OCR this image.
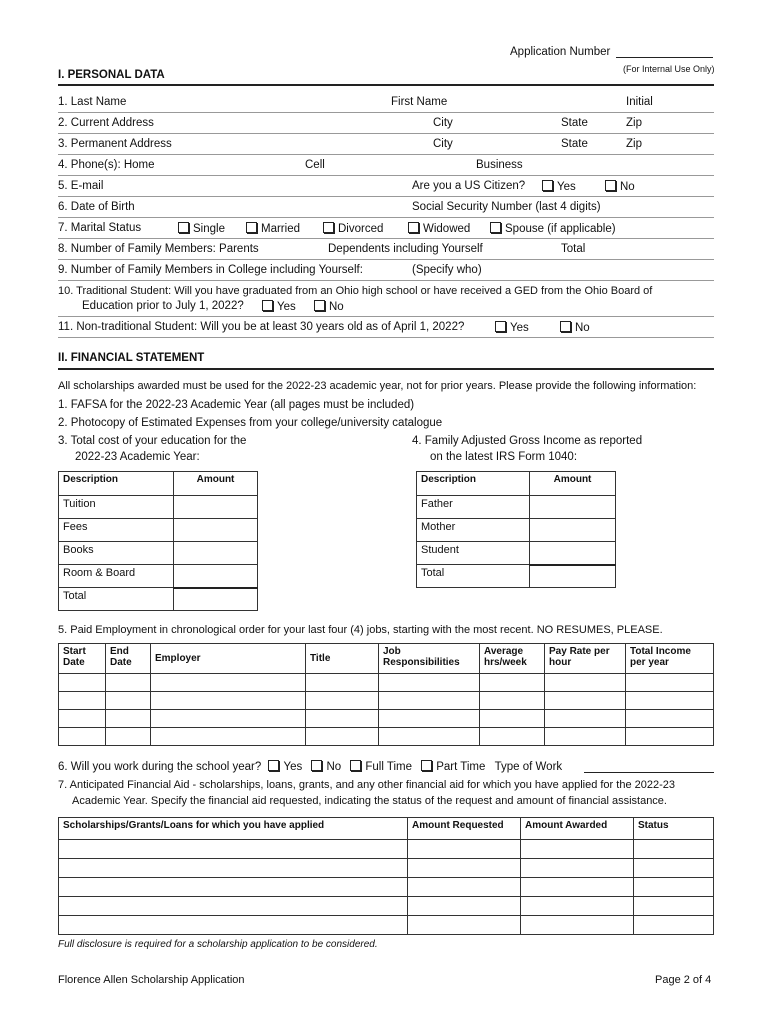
Application Number
(For Internal Use Only)
I. PERSONAL DATA
1. Last Name	First Name	Initial
2. Current Address	City	State	Zip
3. Permanent Address	City	State	Zip
4. Phone(s): Home	Cell	Business
5. E-mail	Are you a US Citizen?	Yes	No
6. Date of Birth	Social Security Number (last 4 digits)
7. Marital Status	Single	Married	Divorced	Widowed	Spouse (if applicable)
8. Number of Family Members: Parents	Dependents including Yourself	Total
9. Number of Family Members in College including Yourself:	(Specify who)
10. Traditional Student: Will you have graduated from an Ohio high school or have received a GED from the Ohio Board of
Education prior to July 1, 2022?	Yes	No
11. Non-traditional Student: Will you be at least 30 years old as of April 1, 2022?	Yes	No
II. FINANCIAL STATEMENT
All scholarships awarded must be used for the 2022-23 academic year, not for prior years. Please provide the following information:
1. FAFSA for the 2022-23 Academic Year (all pages must be included)
2. Photocopy of Estimated Expenses from your college/university catalogue
3. Total cost of your education for the
2022-23 Academic Year:
4. Family Adjusted Gross Income as reported
on the latest IRS Form 1040:
Description	Amount
Tuition	
Fees	
Books	
Room & Board	
Total	
Description	Amount
Father	
Mother	
Student	
Total	
5. Paid Employment in chronological order for your last four (4) jobs, starting with the most recent. NO RESUMES, PLEASE.
Start Date	End Date	Employer	Title	Job Responsibilities	Average hrs/week	Pay Rate per hour	Total Income per year

6. Will you work during the school year? Yes No Full Time Part Time Type of Work
7. Anticipated Financial Aid - scholarships, loans, grants, and any other financial aid for which you have applied for the 2022-23
Academic Year. Specify the financial aid requested, indicating the status of the request and amount of financial assistance.
Scholarships/Grants/Loans for which you have applied	Amount Requested	Amount Awarded	Status

Full disclosure is required for a scholarship application to be considered.
Florence Allen Scholarship Application	Page 2 of 4
